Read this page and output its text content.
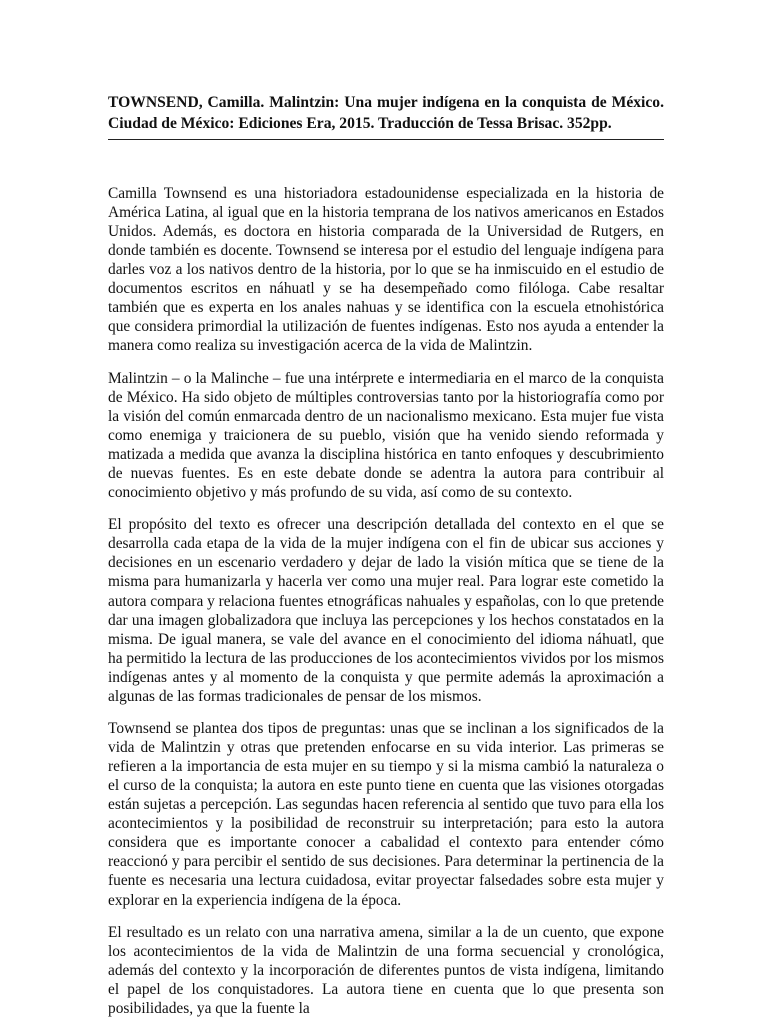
TOWNSEND, Camilla. Malintzin: Una mujer indígena en la conquista de México. Ciudad de México: Ediciones Era, 2015. Traducción de Tessa Brisac. 352pp.

Camilla Townsend es una historiadora estadounidense especializada en la historia de América Latina, al igual que en la historia temprana de los nativos americanos en Estados Unidos. Además, es doctora en historia comparada de la Universidad de Rutgers, en donde también es docente. Townsend se interesa por el estudio del lenguaje indígena para darles voz a los nativos dentro de la historia, por lo que se ha inmiscuido en el estudio de documentos escritos en náhuatl y se ha desempeñado como filóloga. Cabe resaltar también que es experta en los anales nahuas y se identifica con la escuela etnohistórica que considera primordial la utilización de fuentes indígenas. Esto nos ayuda a entender la manera como realiza su investigación acerca de la vida de Malintzin.

Malintzin – o la Malinche – fue una intérprete e intermediaria en el marco de la conquista de México. Ha sido objeto de múltiples controversias tanto por la historiografía como por la visión del común enmarcada dentro de un nacionalismo mexicano. Esta mujer fue vista como enemiga y traicionera de su pueblo, visión que ha venido siendo reformada y matizada a medida que avanza la disciplina histórica en tanto enfoques y descubrimiento de nuevas fuentes. Es en este debate donde se adentra la autora para contribuir al conocimiento objetivo y más profundo de su vida, así como de su contexto.

El propósito del texto es ofrecer una descripción detallada del contexto en el que se desarrolla cada etapa de la vida de la mujer indígena con el fin de ubicar sus acciones y decisiones en un escenario verdadero y dejar de lado la visión mítica que se tiene de la misma para humanizarla y hacerla ver como una mujer real. Para lograr este cometido la autora compara y relaciona fuentes etnográficas nahuales y españolas, con lo que pretende dar una imagen globalizadora que incluya las percepciones y los hechos constatados en la misma. De igual manera, se vale del avance en el conocimiento del idioma náhuatl, que ha permitido la lectura de las producciones de los acontecimientos vividos por los mismos indígenas antes y al momento de la conquista y que permite además la aproximación a algunas de las formas tradicionales de pensar de los mismos.

Townsend se plantea dos tipos de preguntas: unas que se inclinan a los significados de la vida de Malintzin y otras que pretenden enfocarse en su vida interior. Las primeras se refieren a la importancia de esta mujer en su tiempo y si la misma cambió la naturaleza o el curso de la conquista; la autora en este punto tiene en cuenta que las visiones otorgadas están sujetas a percepción. Las segundas hacen referencia al sentido que tuvo para ella los acontecimientos y la posibilidad de reconstruir su interpretación; para esto la autora considera que es importante conocer a cabalidad el contexto para entender cómo reaccionó y para percibir el sentido de sus decisiones. Para determinar la pertinencia de la fuente es necesaria una lectura cuidadosa, evitar proyectar falsedades sobre esta mujer y explorar en la experiencia indígena de la época.

El resultado es un relato con una narrativa amena, similar a la de un cuento, que expone los acontecimientos de la vida de Malintzin de una forma secuencial y cronológica, además del contexto y la incorporación de diferentes puntos de vista indígena, limitando el papel de los conquistadores. La autora tiene en cuenta que lo que presenta son posibilidades, ya que la fuente la
